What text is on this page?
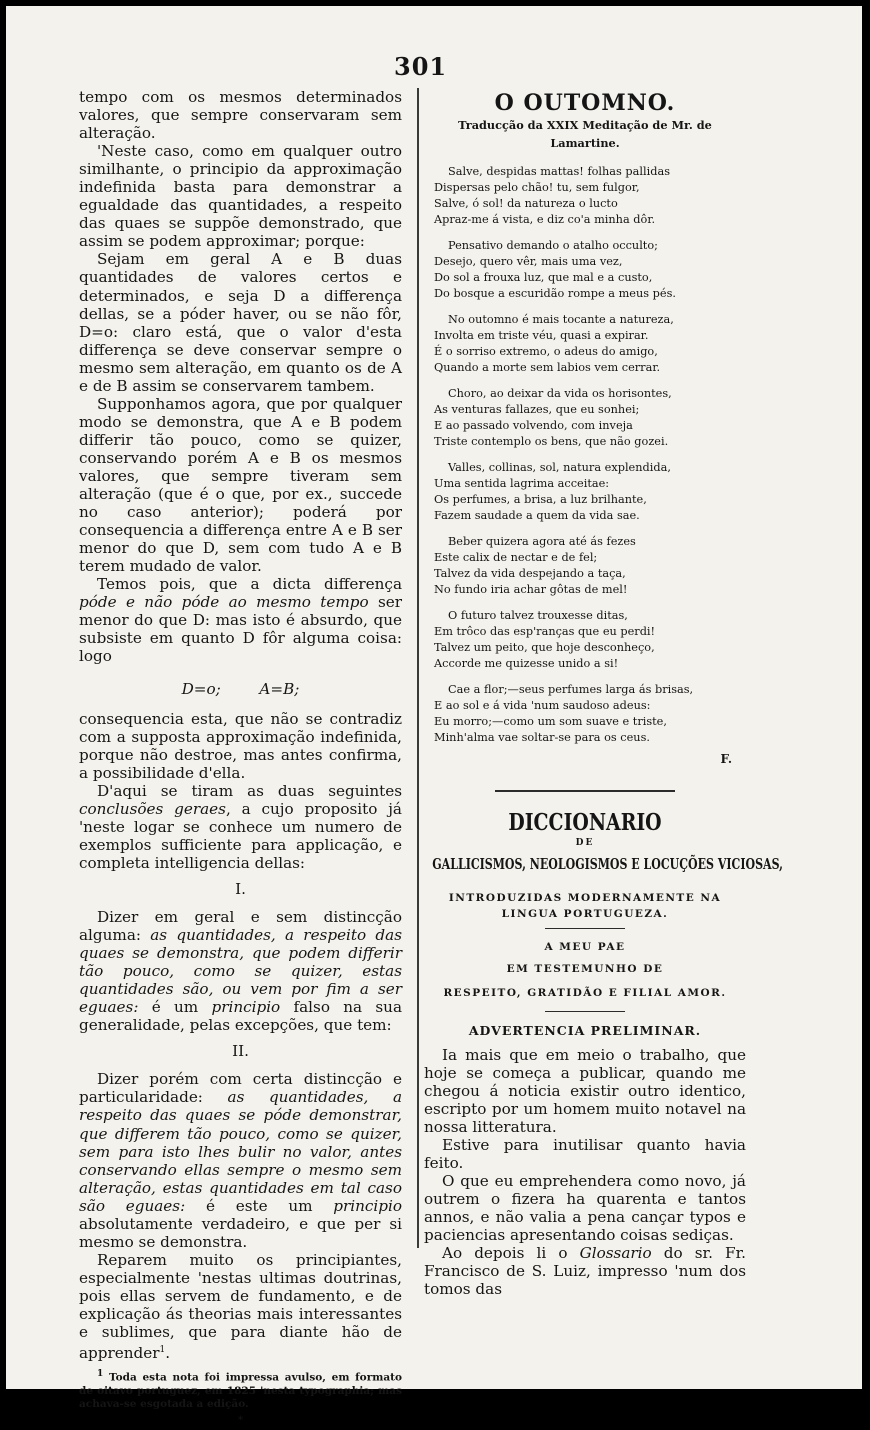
301

tempo com os mesmos determinados valores, que sempre conservaram sem alteração.

'Neste caso, como em qualquer outro similhante, o principio da approximação indefinida basta para demonstrar a egualdade das quantidades, a respeito das quaes se suppõe demonstrado, que assim se podem approximar; porque:

Sejam em geral A e B duas quantidades de valores certos e determinados, e seja D a differença dellas, se a póder haver, ou se não fôr, D=o: claro está, que o valor d'esta differença se deve conservar sempre o mesmo sem alteração, em quanto os de A e de B assim se conservarem tambem.

Supponhamos agora, que por qualquer modo se demonstra, que A e B podem differir tão pouco, como se quizer, conservando porém A e B os mesmos valores, que sempre tiveram sem alteração (que é o que, por ex., succede no caso anterior); poderá por consequencia a differença entre A e B ser menor do que D, sem com tudo A e B terem mudado de valor.

Temos pois, que a dicta differença póde e não póde ao mesmo tempo ser menor do que D: mas isto é absurdo, que subsiste em quanto D fôr alguma coisa: logo

D=o;        A=B;

consequencia esta, que não se contradiz com a supposta approximação indefinida, porque não destroe, mas antes confirma, a possibilidade d'ella.

D'aqui se tiram as duas seguintes conclusões geraes, a cujo proposito já 'neste logar se conhece um numero de exemplos sufficiente para applicação, e completa intelligencia dellas:

I.

Dizer em geral e sem distincção alguma: as quantidades, a respeito das quaes se demonstra, que podem differir tão pouco, como se quizer, estas quantidades são, ou vem por fim a ser eguaes: é um principio falso na sua generalidade, pelas excepções, que tem:

II.

Dizer porém com certa distincção e particularidade: as quantidades, a respeito das quaes se póde demonstrar, que differem tão pouco, como se quizer, sem para isto lhes bulir no valor, antes conservando ellas sempre o mesmo sem alteração, estas quantidades em tal caso são eguaes: é este um principio absolutamente verdadeiro, e que per si mesmo se demonstra.

Reparem muito os principiantes, especialmente 'nestas ultimas doutrinas, pois ellas servem de fundamento, e de explicação ás theorias mais interessantes e sublimes, que para diante hão de apprender$^1$.

1 Toda esta nota foi impressa avulso, em formato de oitavo portuguez, em 1825 'nesta typographia; mas achava-se esgotada a edição.

*

O OUTOMNO.

Traducção da XXIX Meditação de Mr. de Lamartine.

Salve, despidas mattas! folhas pallidas
Dispersas pelo chão! tu, sem fulgor,
Salve, ó sol! da natureza o lucto
Apraz-me á vista, e diz co'a minha dôr.
Pensativo demando o atalho occulto;
Desejo, quero vêr, mais uma vez,
Do sol a frouxa luz, que mal e a custo,
Do bosque a escuridão rompe a meus pés.
No outomno é mais tocante a natureza,
Involta em triste véu, quasi a expirar.
É o sorriso extremo, o adeus do amigo,
Quando a morte sem labios vem cerrar.
Choro, ao deixar da vida os horisontes,
As venturas fallazes, que eu sonhei;
E ao passado volvendo, com inveja
Triste contemplo os bens, que não gozei.
Valles, collinas, sol, natura explendida,
Uma sentida lagrima acceitae:
Os perfumes, a brisa, a luz brilhante,
Fazem saudade a quem da vida sae.
Beber quizera agora até ás fezes
Este calix de nectar e de fel;
Talvez da vida despejando a taça,
No fundo iria achar gôtas de mel!
O futuro talvez trouxesse ditas,
Em trôco das esp'ranças que eu perdi!
Talvez um peito, que hoje desconheço,
Accorde me quizesse unido a si!
Cae a flor;—seus perfumes larga ás brisas,
E ao sol e á vida 'num saudoso adeus:
Eu morro;—como um som suave e triste,
Minh'alma vae soltar-se para os ceus.

F.

DICCIONARIO

DE

GALLICISMOS, NEOLOGISMOS E LOCUÇÕES VICIOSAS,

INTRODUZIDAS MODERNAMENTE NA LINGUA PORTUGUEZA.

A MEU PAE

EM TESTEMUNHO DE

RESPEITO, GRATIDÃO E FILIAL AMOR.

ADVERTENCIA PRELIMINAR.

Ia mais que em meio o trabalho, que hoje se começa a publicar, quando me chegou á noticia existir outro identico, escripto por um homem muito notavel na nossa litteratura.

Estive para inutilisar quanto havia feito.

O que eu emprehendera como novo, já outrem o fizera ha quarenta e tantos annos, e não valia a pena cançar typos e paciencias apresentando coisas sediças.

Ao depois li o Glossario do sr. Fr. Francisco de S. Luiz, impresso 'num dos tomos das
